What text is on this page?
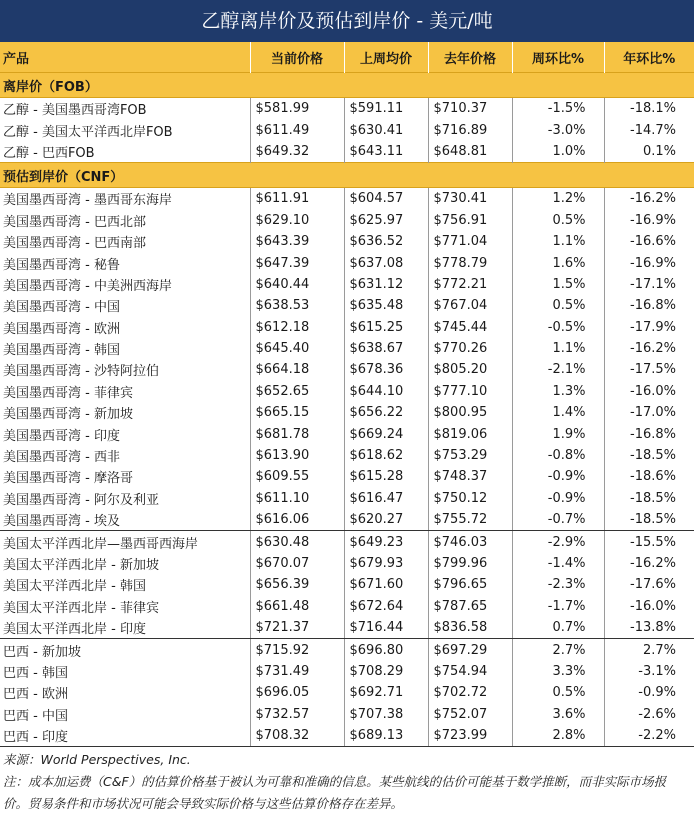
乙醇离岸价及预估到岸价 - 美元/吨
产品	当前价格	上周均价	去年价格	周环比%	年环比%
离岸价（FOB）					
乙醇 - 美国墨西哥湾FOB	$581.99	$591.11	$710.37	-1.5%	-18.1%
乙醇 - 美国太平洋西北岸FOB	$611.49	$630.41	$716.89	-3.0%	-14.7%
乙醇 - 巴西FOB	$649.32	$643.11	$648.81	1.0%	0.1%
预估到岸价（CNF）					
美国墨西哥湾 - 墨西哥东海岸	$611.91	$604.57	$730.41	1.2%	-16.2%
美国墨西哥湾 - 巴西北部	$629.10	$625.97	$756.91	0.5%	-16.9%
美国墨西哥湾 - 巴西南部	$643.39	$636.52	$771.04	1.1%	-16.6%
美国墨西哥湾 - 秘鲁	$647.39	$637.08	$778.79	1.6%	-16.9%
美国墨西哥湾 - 中美洲西海岸	$640.44	$631.12	$772.21	1.5%	-17.1%
美国墨西哥湾 - 中国	$638.53	$635.48	$767.04	0.5%	-16.8%
美国墨西哥湾 - 欧洲	$612.18	$615.25	$745.44	-0.5%	-17.9%
美国墨西哥湾 - 韩国	$645.40	$638.67	$770.26	1.1%	-16.2%
美国墨西哥湾 - 沙特阿拉伯	$664.18	$678.36	$805.20	-2.1%	-17.5%
美国墨西哥湾 - 菲律宾	$652.65	$644.10	$777.10	1.3%	-16.0%
美国墨西哥湾 - 新加坡	$665.15	$656.22	$800.95	1.4%	-17.0%
美国墨西哥湾 - 印度	$681.78	$669.24	$819.06	1.9%	-16.8%
美国墨西哥湾 - 西非	$613.90	$618.62	$753.29	-0.8%	-18.5%
美国墨西哥湾 - 摩洛哥	$609.55	$615.28	$748.37	-0.9%	-18.6%
美国墨西哥湾 - 阿尔及利亚	$611.10	$616.47	$750.12	-0.9%	-18.5%
美国墨西哥湾 - 埃及	$616.06	$620.27	$755.72	-0.7%	-18.5%
美国太平洋西北岸—墨西哥西海岸	$630.48	$649.23	$746.03	-2.9%	-15.5%
美国太平洋西北岸 - 新加坡	$670.07	$679.93	$799.96	-1.4%	-16.2%
美国太平洋西北岸 - 韩国	$656.39	$671.60	$796.65	-2.3%	-17.6%
美国太平洋西北岸 - 菲律宾	$661.48	$672.64	$787.65	-1.7%	-16.0%
美国太平洋西北岸 - 印度	$721.37	$716.44	$836.58	0.7%	-13.8%
巴西 - 新加坡	$715.92	$696.80	$697.29	2.7%	2.7%
巴西 - 韩国	$731.49	$708.29	$754.94	3.3%	-3.1%
巴西 - 欧洲	$696.05	$692.71	$702.72	0.5%	-0.9%
巴西 - 中国	$732.57	$707.38	$752.07	3.6%	-2.6%
巴西 - 印度	$708.32	$689.13	$723.99	2.8%	-2.2%
来源：World Perspectives, Inc.
注：成本加运费（C&F）的估算价格基于被认为可靠和准确的信息。某些航线的估价可能基于数学推断，而非实际市场报价。贸易条件和市场状况可能会导致实际价格与这些估算价格存在差异。
